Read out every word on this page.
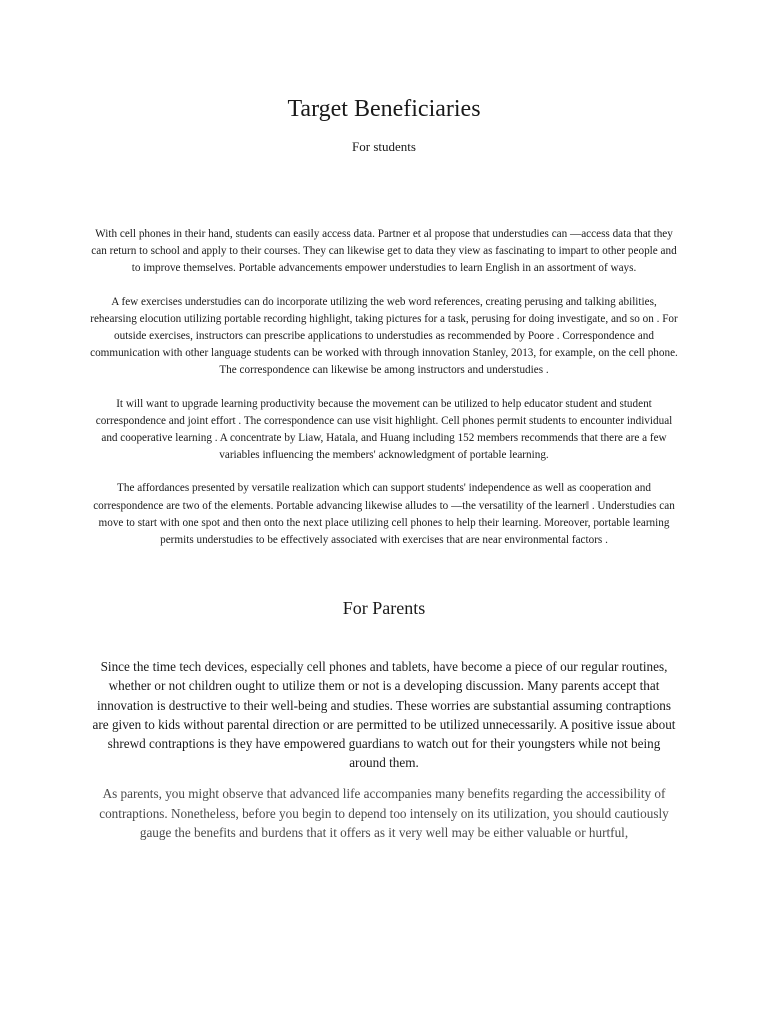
Target Beneficiaries

For students

With cell phones in their hand, students can easily access data. Partner et al propose that understudies can —access data that they can return to school and apply to their courses. They can likewise get to data they view as fascinating to impart to other people and to improve themselves. Portable advancements empower understudies to learn English in an assortment of ways.

A few exercises understudies can do incorporate utilizing the web word references, creating perusing and talking abilities, rehearsing elocution utilizing portable recording highlight, taking pictures for a task, perusing for doing investigate, and so on . For outside exercises, instructors can prescribe applications to understudies as recommended by Poore . Correspondence and communication with other language students can be worked with through innovation Stanley, 2013, for example, on the cell phone. The correspondence can likewise be among instructors and understudies .

It will want to upgrade learning productivity because the movement can be utilized to help educator student and student correspondence and joint effort . The correspondence can use visit highlight. Cell phones permit students to encounter individual and cooperative learning . A concentrate by Liaw, Hatala, and Huang including 152 members recommends that there are a few variables influencing the members' acknowledgment of portable learning.

The affordances presented by versatile realization which can support students' independence as well as cooperation and correspondence are two of the elements. Portable advancing likewise alludes to —the versatility of the learner‖ . Understudies can move to start with one spot and then onto the next place utilizing cell phones to help their learning. Moreover, portable learning permits understudies to be effectively associated with exercises that are near environmental factors .

For Parents

Since the time tech devices, especially cell phones and tablets, have become a piece of our regular routines, whether or not children ought to utilize them or not is a developing discussion. Many parents accept that innovation is destructive to their well-being and studies. These worries are substantial assuming contraptions are given to kids without parental direction or are permitted to be utilized unnecessarily. A positive issue about shrewd contraptions is they have empowered guardians to watch out for their youngsters while not being around them.

As parents, you might observe that advanced life accompanies many benefits regarding the accessibility of contraptions. Nonetheless, before you begin to depend too intensely on its utilization, you should cautiously gauge the benefits and burdens that it offers as it very well may be either valuable or hurtful,
